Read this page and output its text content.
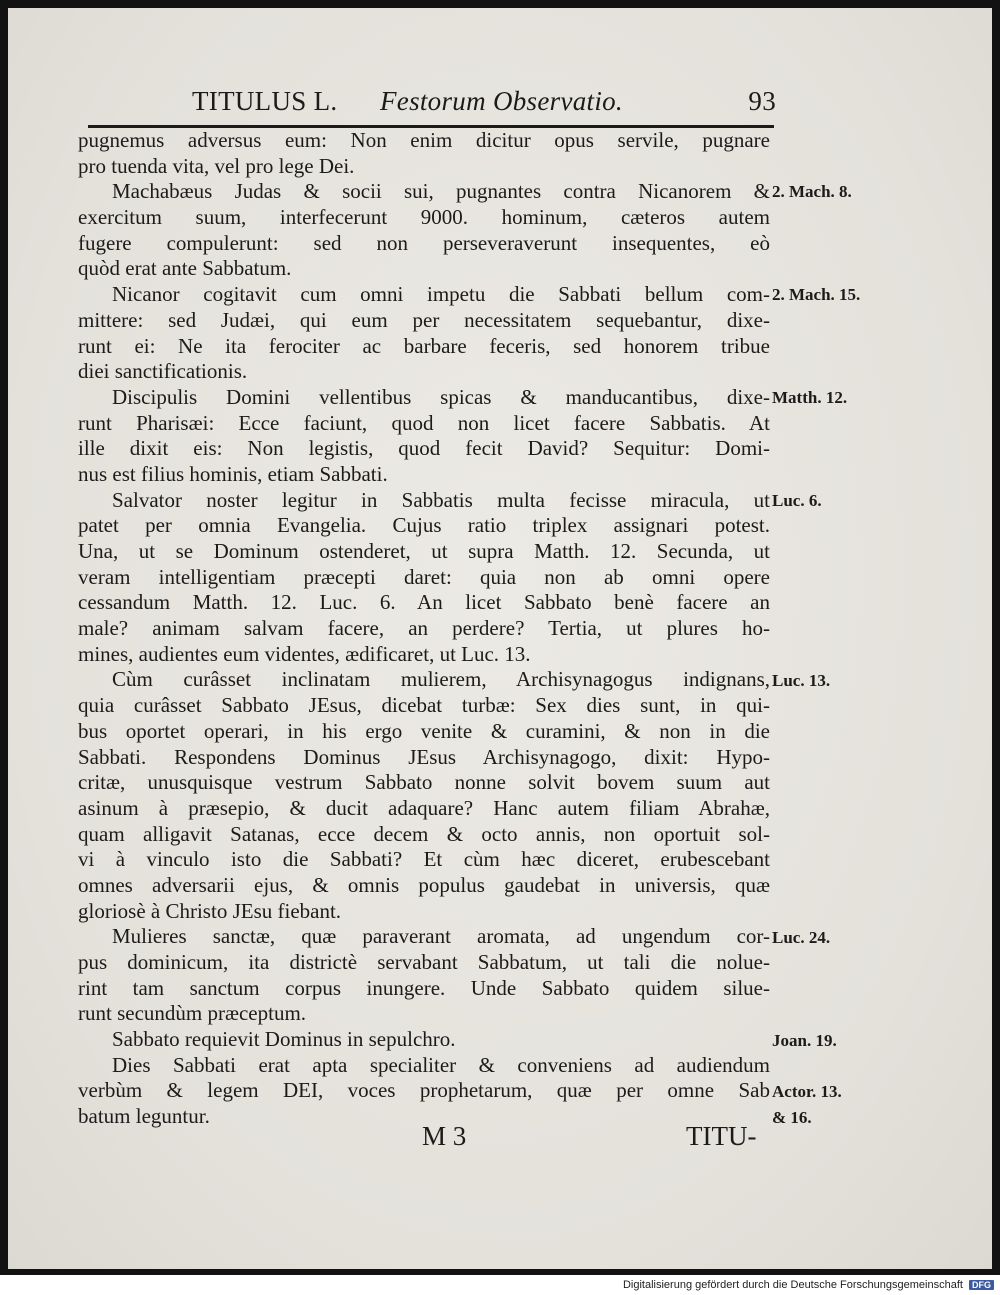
TITULUS L. Festorum Observatio.	93
pugnemus adversus eum: Non enim dicitur opus servile, pugnare
pro tuenda vita, vel pro lege Dei.
Machabæus Judas & socii sui, pugnantes contra Nicanorem &
exercitum suum, interfecerunt 9000. hominum, cæteros autem
fugere compulerunt: sed non perseveraverunt insequentes, eò
quòd erat ante Sabbatum.
Nicanor cogitavit cum omni impetu die Sabbati bellum com-
mittere: sed Judæi, qui eum per necessitatem sequebantur, dixe-
runt ei: Ne ita ferociter ac barbare feceris, sed honorem tribue
diei sanctificationis.
Discipulis Domini vellentibus spicas & manducantibus, dixe-
runt Pharisæi: Ecce faciunt, quod non licet facere Sabbatis. At
ille dixit eis: Non legistis, quod fecit David? Sequitur: Domi-
nus est filius hominis, etiam Sabbati.
Salvator noster legitur in Sabbatis multa fecisse miracula, ut
patet per omnia Evangelia. Cujus ratio triplex assignari potest.
Una, ut se Dominum ostenderet, ut supra Matth. 12. Secunda, ut
veram intelligentiam præcepti daret: quia non ab omni opere
cessandum Matth. 12. Luc. 6. An licet Sabbato benè facere an
male? animam salvam facere, an perdere? Tertia, ut plures ho-
mines, audientes eum videntes, ædificaret, ut Luc. 13.
Cùm curâsset inclinatam mulierem, Archisynagogus indignans,
quia curâsset Sabbato JEsus, dicebat turbæ: Sex dies sunt, in qui-
bus oportet operari, in his ergo venite & curamini, & non in die
Sabbati. Respondens Dominus JEsus Archisynagogo, dixit: Hypo-
critæ, unusquisque vestrum Sabbato nonne solvit bovem suum aut
asinum à præsepio, & ducit adaquare? Hanc autem filiam Abrahæ,
quam alligavit Satanas, ecce decem & octo annis, non oportuit sol-
vi à vinculo isto die Sabbati? Et cùm hæc diceret, erubescebant
omnes adversarii ejus, & omnis populus gaudebat in universis, quæ
gloriosè à Christo JEsu fiebant.
Mulieres sanctæ, quæ paraverant aromata, ad ungendum cor-
pus dominicum, ita districtè servabant Sabbatum, ut tali die nolue-
rint tam sanctum corpus inungere. Unde Sabbato quidem silue-
runt secundùm præceptum.
Sabbato requievit Dominus in sepulchro.
Dies Sabbati erat apta specialiter & conveniens ad audiendum
verbùm & legem DEI, voces prophetarum, quæ per omne Sab
batum leguntur.
2. Mach. 8.
2. Mach. 15.
Matth. 12.
Luc. 6.
Luc. 13.
Luc. 24.
Joan. 19.
Actor. 13.
& 16.
M 3	TITU-
Digitalisierung gefördert durch die Deutsche Forschungsgemeinschaft DFG
